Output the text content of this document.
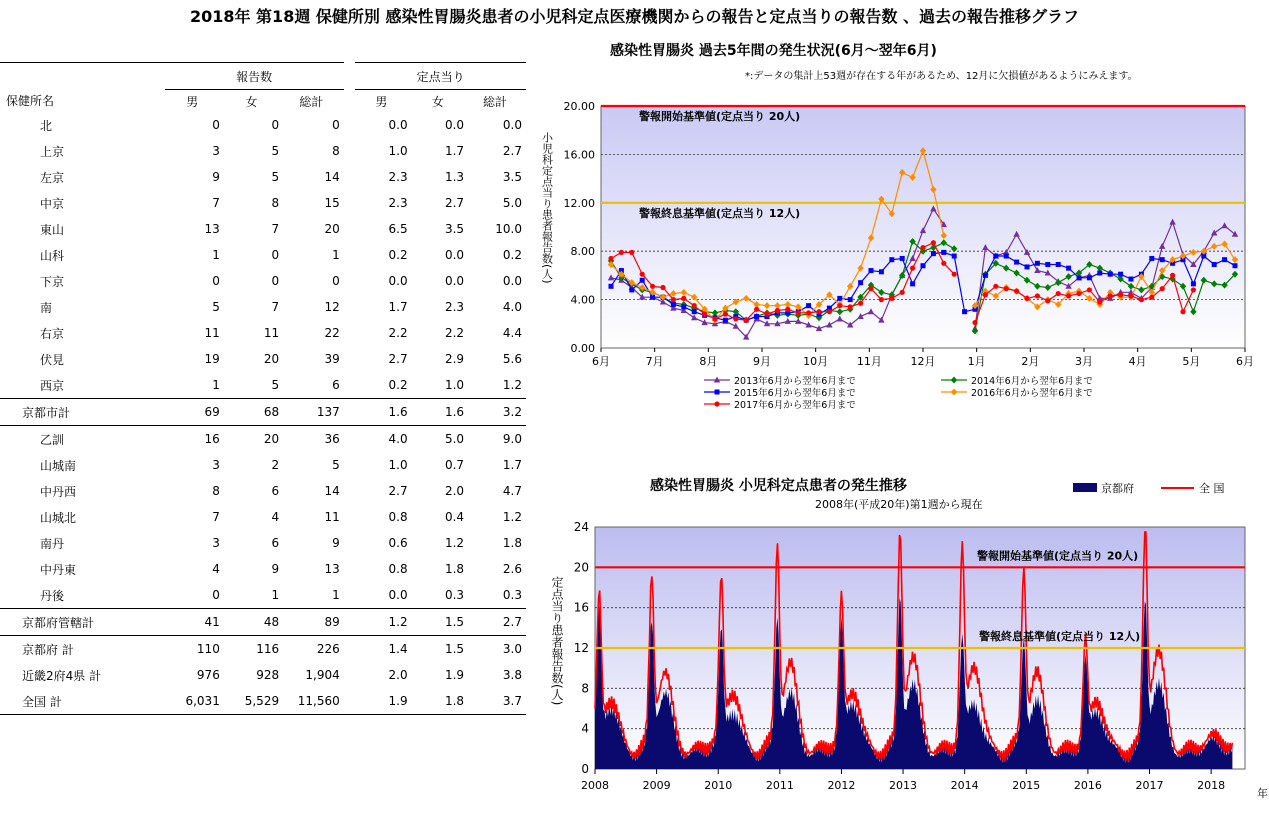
2018年 第18週 保健所別 感染性胃腸炎患者の小児科定点医療機関からの報告と定点当りの報告数 、過去の報告推移グラフ
	報告数				定点当り		
保健所名	男	女	総計		男	女	総計
北	0	0	0		0.0	0.0	0.0
上京	3	5	8		1.0	1.7	2.7
左京	9	5	14		2.3	1.3	3.5
中京	7	8	15		2.3	2.7	5.0
東山	13	7	20		6.5	3.5	10.0
山科	1	0	1		0.2	0.0	0.2
下京	0	0	0		0.0	0.0	0.0
南	5	7	12		1.7	2.3	4.0
右京	11	11	22		2.2	2.2	4.4
伏見	19	20	39		2.7	2.9	5.6
西京	1	5	6		0.2	1.0	1.2
京都市計	69	68	137		1.6	1.6	3.2
乙訓	16	20	36		4.0	5.0	9.0
山城南	3	2	5		1.0	0.7	1.7
中丹西	8	6	14		2.7	2.0	4.7
山城北	7	4	11		0.8	0.4	1.2
南丹	3	6	9		0.6	1.2	1.8
中丹東	4	9	13		0.8	1.8	2.6
丹後	0	1	1		0.0	0.3	0.3
京都府管轄計	41	48	89		1.2	1.5	2.7
京都府 計	110	116	226		1.4	1.5	3.0
近畿2府4県 計	976	928	1,904		2.0	1.9	3.8
全国 計	6,031	5,529	11,560		1.9	1.8	3.7
感染性胃腸炎 過去5年間の発生状況(6月～翌年6月)
*:データの集計上53週が存在する年があるため、12月に欠損値があるようにみえます。
警報開始基準値(定点当り 20人)
警報終息基準値(定点当り 12人)
0.00
4.00
8.00
12.00
16.00
20.00
小児科定点当り患者報告数(人)
6月	7月	8月	9月	10月	11月	12月	1月	2月	3月	4月	5月	6月
2013年6月から翌年6月まで	2014年6月から翌年6月まで
2015年6月から翌年6月まで	2016年6月から翌年6月まで
2017年6月から翌年6月まで
感染性胃腸炎 小児科定点患者の発生推移
2008年(平成20年)第1週から現在
警報開始基準値(定点当り 20人)
警報終息基準値(定点当り 12人)
0
4
8
12
16
20
24
定点当り患者報告数(人)
2008	2009	2010	2011	2012	2013	2014	2015	2016	2017	2018
年
京都府	全 国
